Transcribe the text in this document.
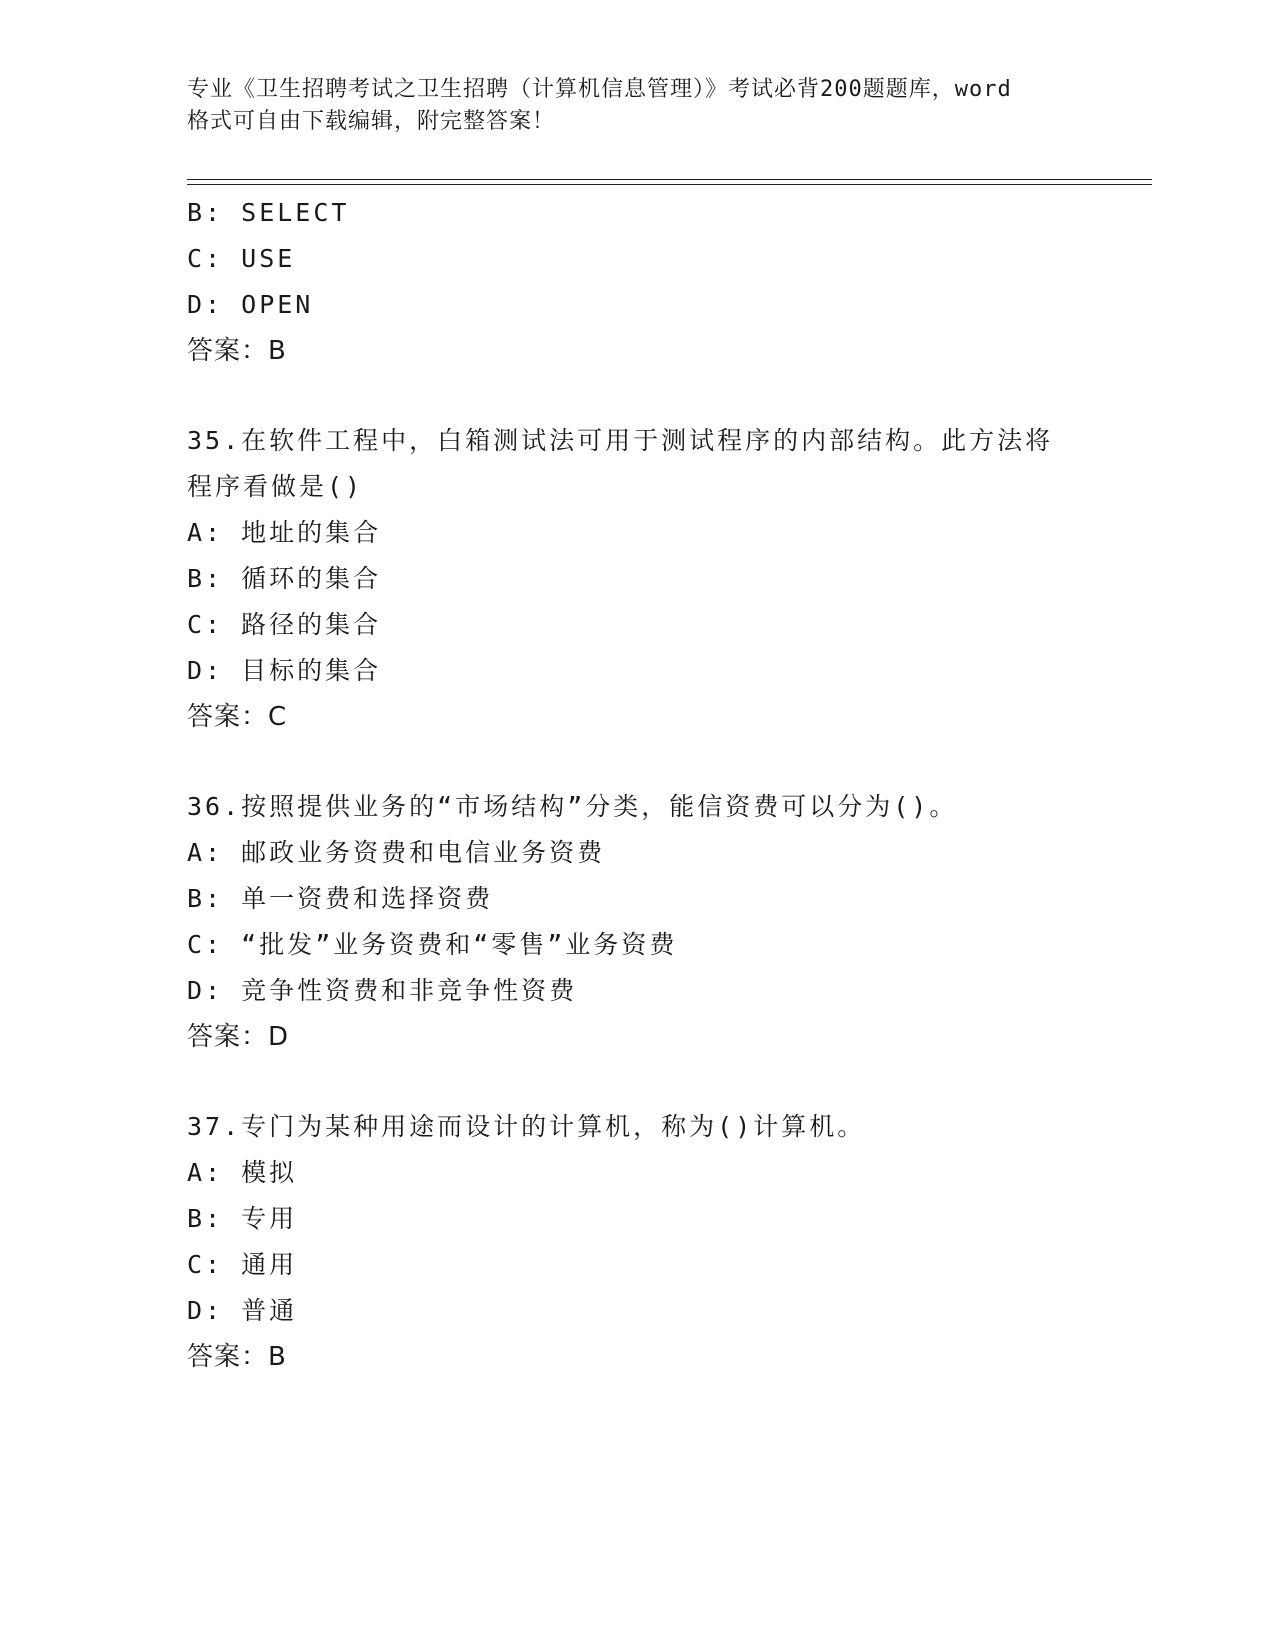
专业《卫生招聘考试之卫生招聘（计算机信息管理）》考试必背200题题库，word
格式可自由下载编辑，附完整答案！
B: SELECT
C: USE
D: OPEN
答案：B
35.在软件工程中，白箱测试法可用于测试程序的内部结构。此方法将
程序看做是()
A: 地址的集合
B: 循环的集合
C: 路径的集合
D: 目标的集合
答案：C
36.按照提供业务的“市场结构”分类，能信资费可以分为()。
A: 邮政业务资费和电信业务资费
B: 单一资费和选择资费
C: “批发”业务资费和“零售”业务资费
D: 竞争性资费和非竞争性资费
答案：D
37.专门为某种用途而设计的计算机，称为()计算机。
A: 模拟
B: 专用
C: 通用
D: 普通
答案：B
